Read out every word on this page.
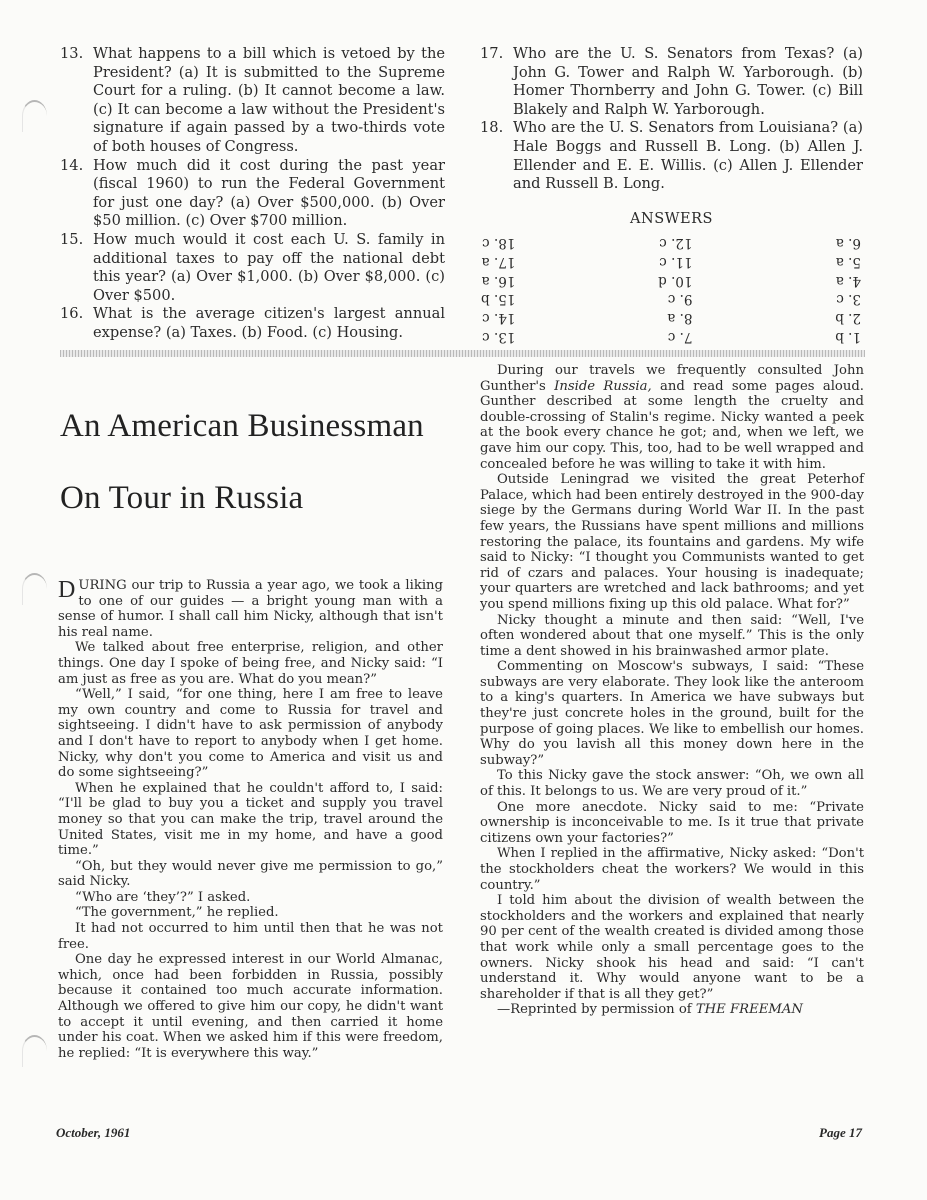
13. What happens to a bill which is vetoed by the President? (a) It is submitted to the Supreme Court for a ruling. (b) It cannot become a law. (c) It can become a law without the President's signature if again passed by a two-thirds vote of both houses of Congress.
14. How much did it cost during the past year (fiscal 1960) to run the Federal Government for just one day? (a) Over $500,000. (b) Over $50 million. (c) Over $700 million.
15. How much would it cost each U. S. family in additional taxes to pay off the national debt this year? (a) Over $1,000. (b) Over $8,000. (c) Over $500.
16. What is the average citizen's largest annual expense? (a) Taxes. (b) Food. (c) Housing.
17. Who are the U. S. Senators from Texas? (a) John G. Tower and Ralph W. Yarborough. (b) Homer Thornberry and John G. Tower. (c) Bill Blakely and Ralph W. Yarborough.
18. Who are the U. S. Senators from Louisiana? (a) Hale Boggs and Russell B. Long. (b) Allen J. Ellender and E. E. Willis. (c) Allen J. Ellender and Russell B. Long.
ANSWERS
1. b
2. b
3. c
4. a
5. a
6. a
7. c
8. a
9. c
10. d
11. c
12. c
13. c
14. c
15. b
16. a
17. a
18. c
An American Businessman
On Tour in Russia

DURING our trip to Russia a year ago, we took a liking to one of our guides — a bright young man with a sense of humor. I shall call him Nicky, although that isn't his real name.

We talked about free enterprise, religion, and other things. One day I spoke of being free, and Nicky said: “I am just as free as you are. What do you mean?”

“Well,” I said, “for one thing, here I am free to leave my own country and come to Russia for travel and sightseeing. I didn't have to ask permission of anybody and I don't have to report to anybody when I get home. Nicky, why don't you come to America and visit us and do some sightseeing?”

When he explained that he couldn't afford to, I said: “I'll be glad to buy you a ticket and supply you travel money so that you can make the trip, travel around the United States, visit me in my home, and have a good time.”

“Oh, but they would never give me permission to go,” said Nicky.

“Who are ‘they’?” I asked.

“The government,” he replied.

It had not occurred to him until then that he was not free.

One day he expressed interest in our World Almanac, which, once had been forbidden in Russia, possibly because it contained too much accurate information. Although we offered to give him our copy, he didn't want to accept it until evening, and then carried it home under his coat. When we asked him if this were freedom, he replied: “It is everywhere this way.”

During our travels we frequently consulted John Gunther's Inside Russia, and read some pages aloud. Gunther described at some length the cruelty and double-crossing of Stalin's regime. Nicky wanted a peek at the book every chance he got; and, when we left, we gave him our copy. This, too, had to be well wrapped and concealed before he was willing to take it with him.

Outside Leningrad we visited the great Peterhof Palace, which had been entirely destroyed in the 900-day siege by the Germans during World War II. In the past few years, the Russians have spent millions and millions restoring the palace, its fountains and gardens. My wife said to Nicky: “I thought you Communists wanted to get rid of czars and palaces. Your housing is inadequate; your quarters are wretched and lack bathrooms; and yet you spend millions fixing up this old palace. What for?”

Nicky thought a minute and then said: “Well, I've often wondered about that one myself.” This is the only time a dent showed in his brainwashed armor plate.

Commenting on Moscow's subways, I said: “These subways are very elaborate. They look like the anteroom to a king's quarters. In America we have subways but they're just concrete holes in the ground, built for the purpose of going places. We like to embellish our homes. Why do you lavish all this money down here in the subway?”

To this Nicky gave the stock answer: “Oh, we own all of this. It belongs to us. We are very proud of it.”

One more anecdote. Nicky said to me: “Private ownership is inconceivable to me. Is it true that private citizens own your factories?”

When I replied in the affirmative, Nicky asked: “Don't the stockholders cheat the workers? We would in this country.”

I told him about the division of wealth between the stockholders and the workers and explained that nearly 90 per cent of the wealth created is divided among those that work while only a small percentage goes to the owners. Nicky shook his head and said: “I can't understand it. Why would anyone want to be a shareholder if that is all they get?”

—Reprinted by permission of THE FREEMAN

October, 1961	Page 17
